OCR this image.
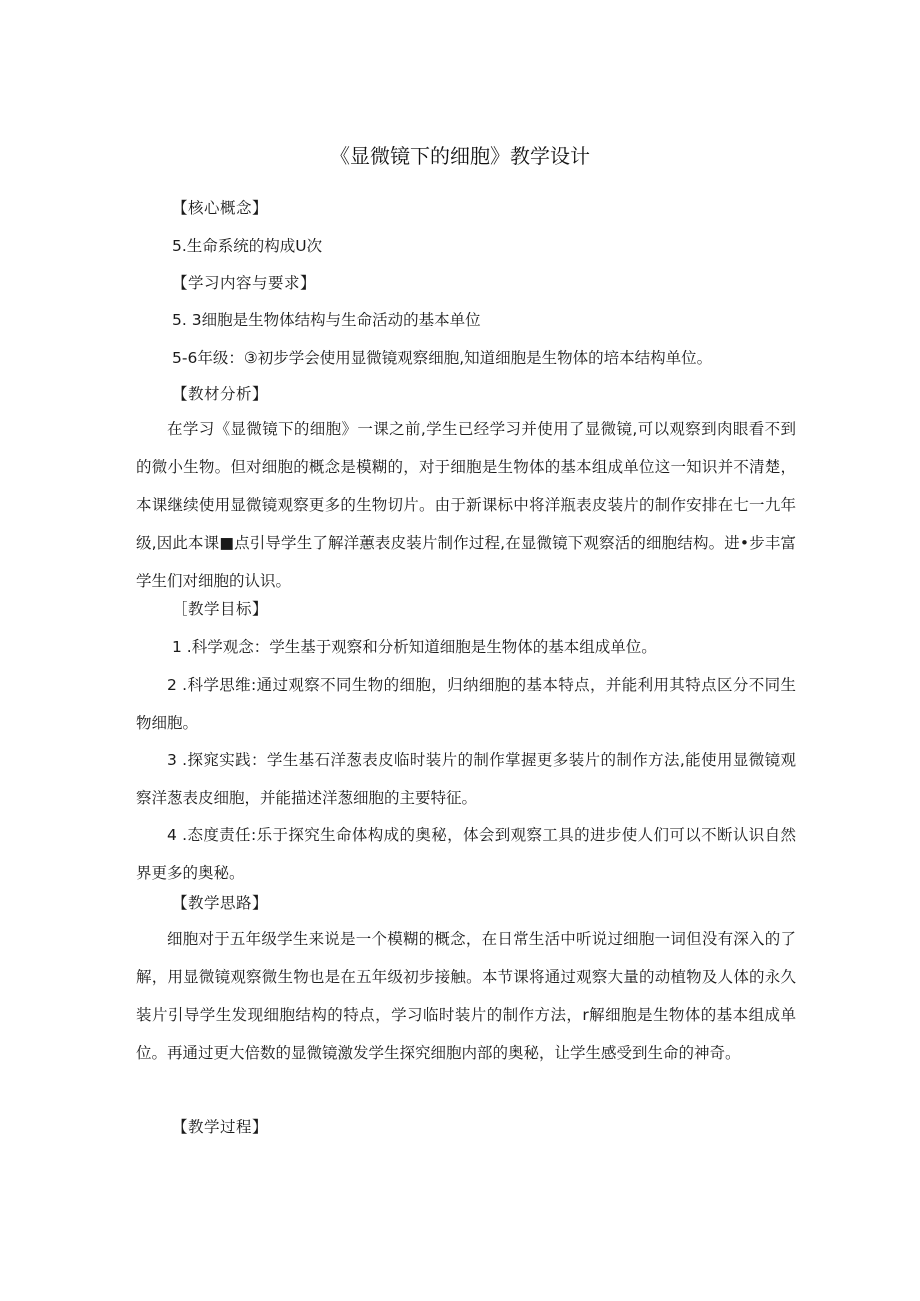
《显微镜下的细胞》教学设计
【核心概念】
5.生命系统的构成U次
【学习内容与要求】
5. 3细胞是生物体结构与生命活动的基本单位
5-6年级：③初步学会使用显微镜观察细胞,知道细胞是生物体的培本结构单位。
【教材分析】
在学习《显微镜下的细胞》一课之前,学生已经学习并使用了显微镜,可以观察到肉眼看不到的微小生物。但对细胞的概念是模糊的，对于细胞是生物体的基本组成单位这一知识并不清楚，本课继续使用显微镜观察更多的生物切片。由于新课标中将洋瓶表皮装片的制作安排在七一九年级,因此本课■点引导学生了解洋蕙表皮装片制作过程,在显微镜下观察活的细胞结构。进•步丰富学生们对细胞的认识。
［教学目标】
1 .科学观念：学生基于观察和分析知道细胞是生物体的基本组成单位。
2 .科学思维:通过观察不同生物的细胞，归纳细胞的基本特点，并能利用其特点区分不同生物细胞。
3 .探窕实践：学生基石洋葱表皮临时装片的制作掌握更多装片的制作方法,能使用显微镜观察洋葱表皮细胞，并能描述洋葱细胞的主要特征。
4 .态度责任:乐于探究生命体构成的奥秘，体会到观察工具的进步使人们可以不断认识自然界更多的奥秘。
【教学思路】
细胞对于五年级学生来说是一个模糊的概念，在日常生活中听说过细胞一词但没有深入的了解，用显微镜观察微生物也是在五年级初步接触。本节课将通过观察大量的动植物及人体的永久装片引导学生发现细胞结构的特点，学习临时装片的制作方法，r解细胞是生物体的基本组成单位。再通过更大倍数的显微镜激发学生探究细胞内部的奥秘，让学生感受到生命的神奇。
【教学过程】
